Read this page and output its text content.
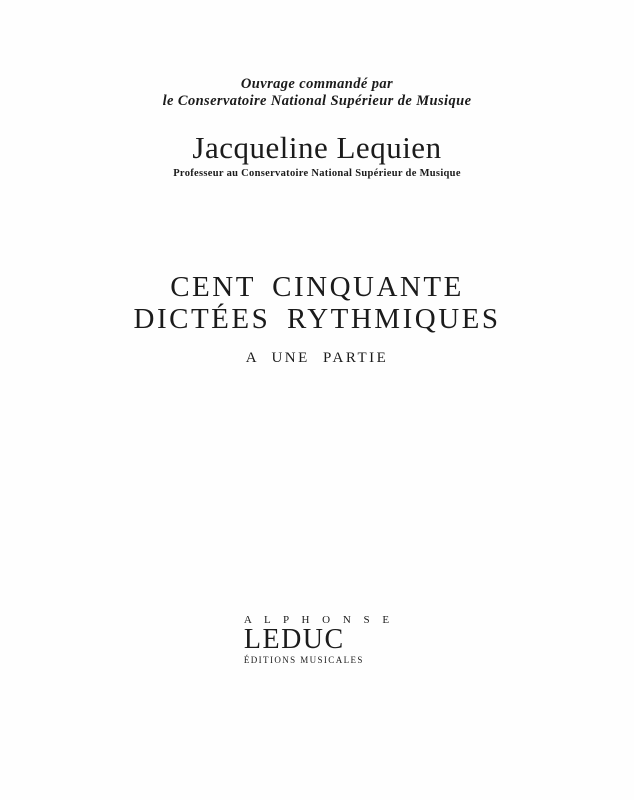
Ouvrage commandé par
le Conservatoire National Supérieur de Musique
Jacqueline Lequien
Professeur au Conservatoire National Supérieur de Musique
CENT CINQUANTE
DICTÉES RYTHMIQUES
A UNE PARTIE
A L P H O N S E
LEDUC
ÉDITIONS MUSICALES
